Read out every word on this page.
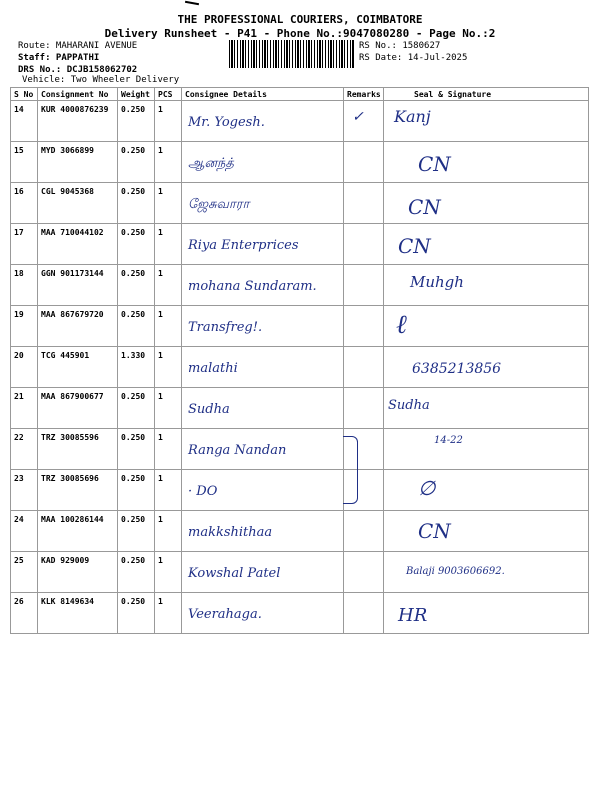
THE PROFESSIONAL COURIERS, COIMBATORE
Delivery Runsheet - P41 - Phone No.:9047080280 - Page No.:2
Route: MAHARANI AVENUE
Staff: PAPPATHI
DRS No.: DCJB158062702
Vehicle: Two Wheeler Delivery
RS No.: 1580627
RS Date: 14-Jul-2025
S No	Consignment No	Weight	PCS	Consignee Details	Remarks	Seal & Signature
14	KUR 4000876239	0.250	1	Mr. Yogesh.	✓	Kanj

15	MYD 3066899	0.250	1	ஆனந்த்		CN

16	CGL 9045368	0.250	1	ஜேசுவாரா		CN

17	MAA 710044102	0.250	1	Riya Enterprices		CN

18	GGN 901173144	0.250	1	mohana Sundaram.		Muhgh

19	MAA 867679720	0.250	1	Transfreg!.		ℓ

20	TCG 445901	1.330	1	malathi		6385213856

21	MAA 867900677	0.250	1	Sudha		Sudha

22	TRZ 30085596	0.250	1	Ranga Nandan		14-22

23	TRZ 30085696	0.250	1	· DO		∅

24	MAA 100286144	0.250	1	makkshithaa		CN

25	KAD 929009	0.250	1	Kowshal Patel		Balaji 9003606692.

26	KLK 8149634	0.250	1	Veerahaga.		HR
